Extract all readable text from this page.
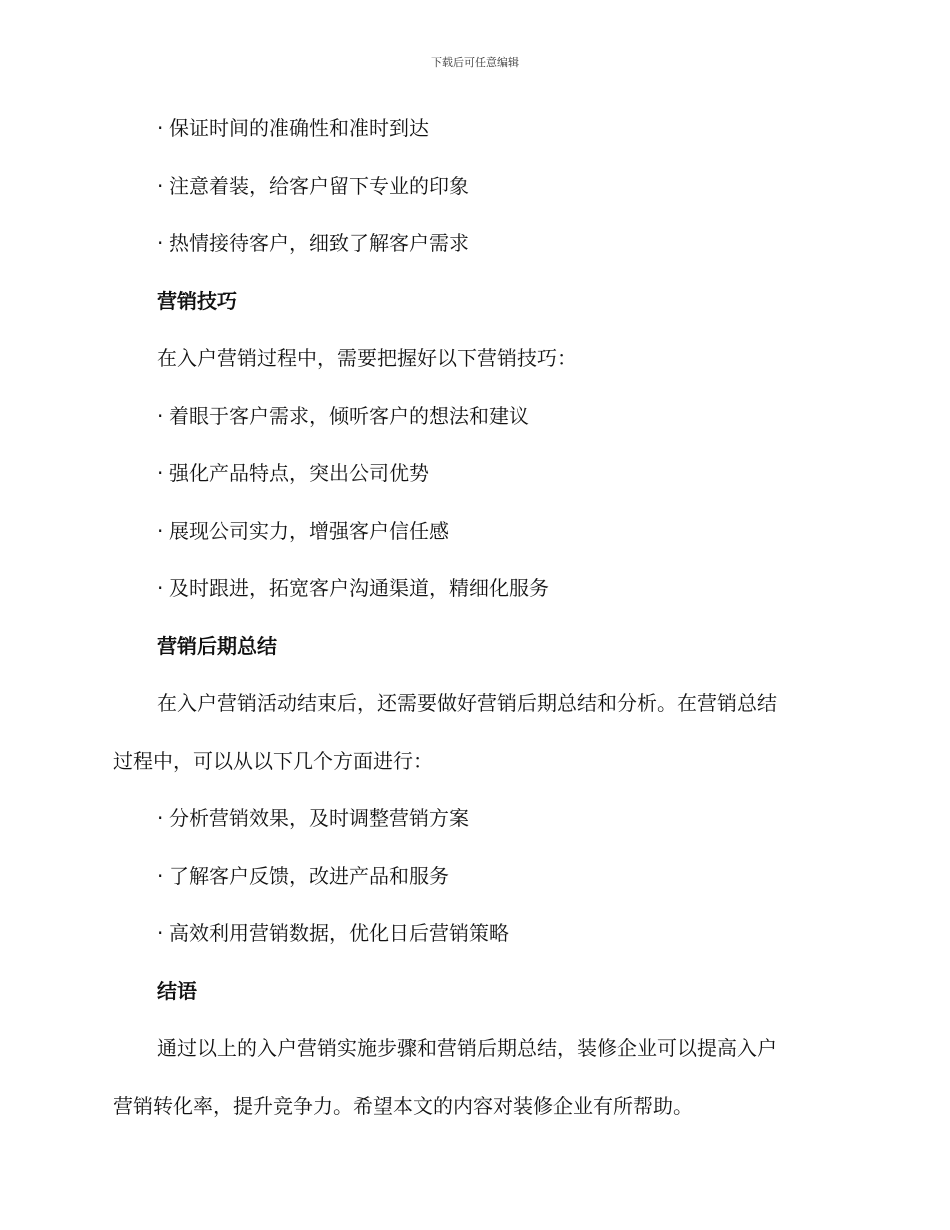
下载后可任意编辑
· 保证时间的准确性和准时到达
· 注意着装，给客户留下专业的印象
· 热情接待客户，细致了解客户需求
营销技巧
在入户营销过程中，需要把握好以下营销技巧：
· 着眼于客户需求，倾听客户的想法和建议
· 强化产品特点，突出公司优势
· 展现公司实力，增强客户信任感
· 及时跟进，拓宽客户沟通渠道，精细化服务
营销后期总结
在入户营销活动结束后，还需要做好营销后期总结和分析。在营销总结
过程中，可以从以下几个方面进行：
· 分析营销效果，及时调整营销方案
· 了解客户反馈，改进产品和服务
· 高效利用营销数据，优化日后营销策略
结语
通过以上的入户营销实施步骤和营销后期总结，装修企业可以提高入户
营销转化率，提升竞争力。希望本文的内容对装修企业有所帮助。
